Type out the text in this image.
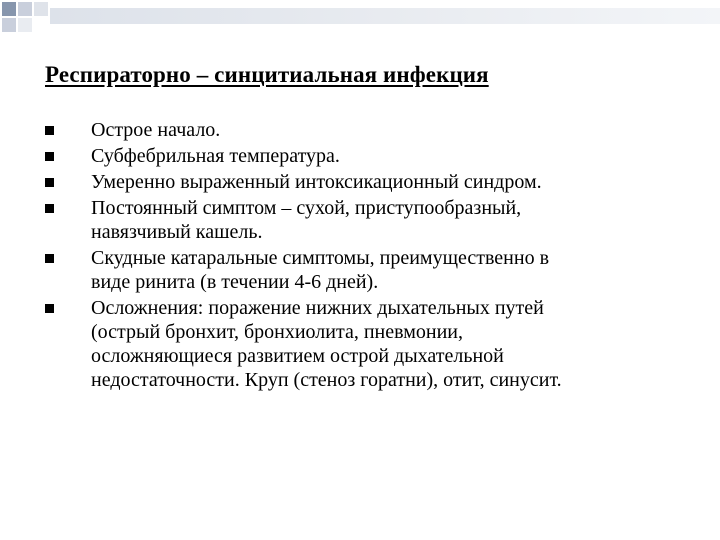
Респираторно – синцитиальная инфекция
Острое начало.
Субфебрильная температура.
Умеренно выраженный интоксикационный синдром.
Постоянный симптом – сухой, приступообразный,
навязчивый кашель.
Скудные катаральные симптомы, преимущественно в
виде ринита (в течении 4-6 дней).
Осложнения: поражение нижних дыхательных путей
(острый бронхит, бронхиолита, пневмонии,
осложняющиеся развитием острой дыхательной
недостаточности. Круп (стеноз горатни), отит, синусит.
